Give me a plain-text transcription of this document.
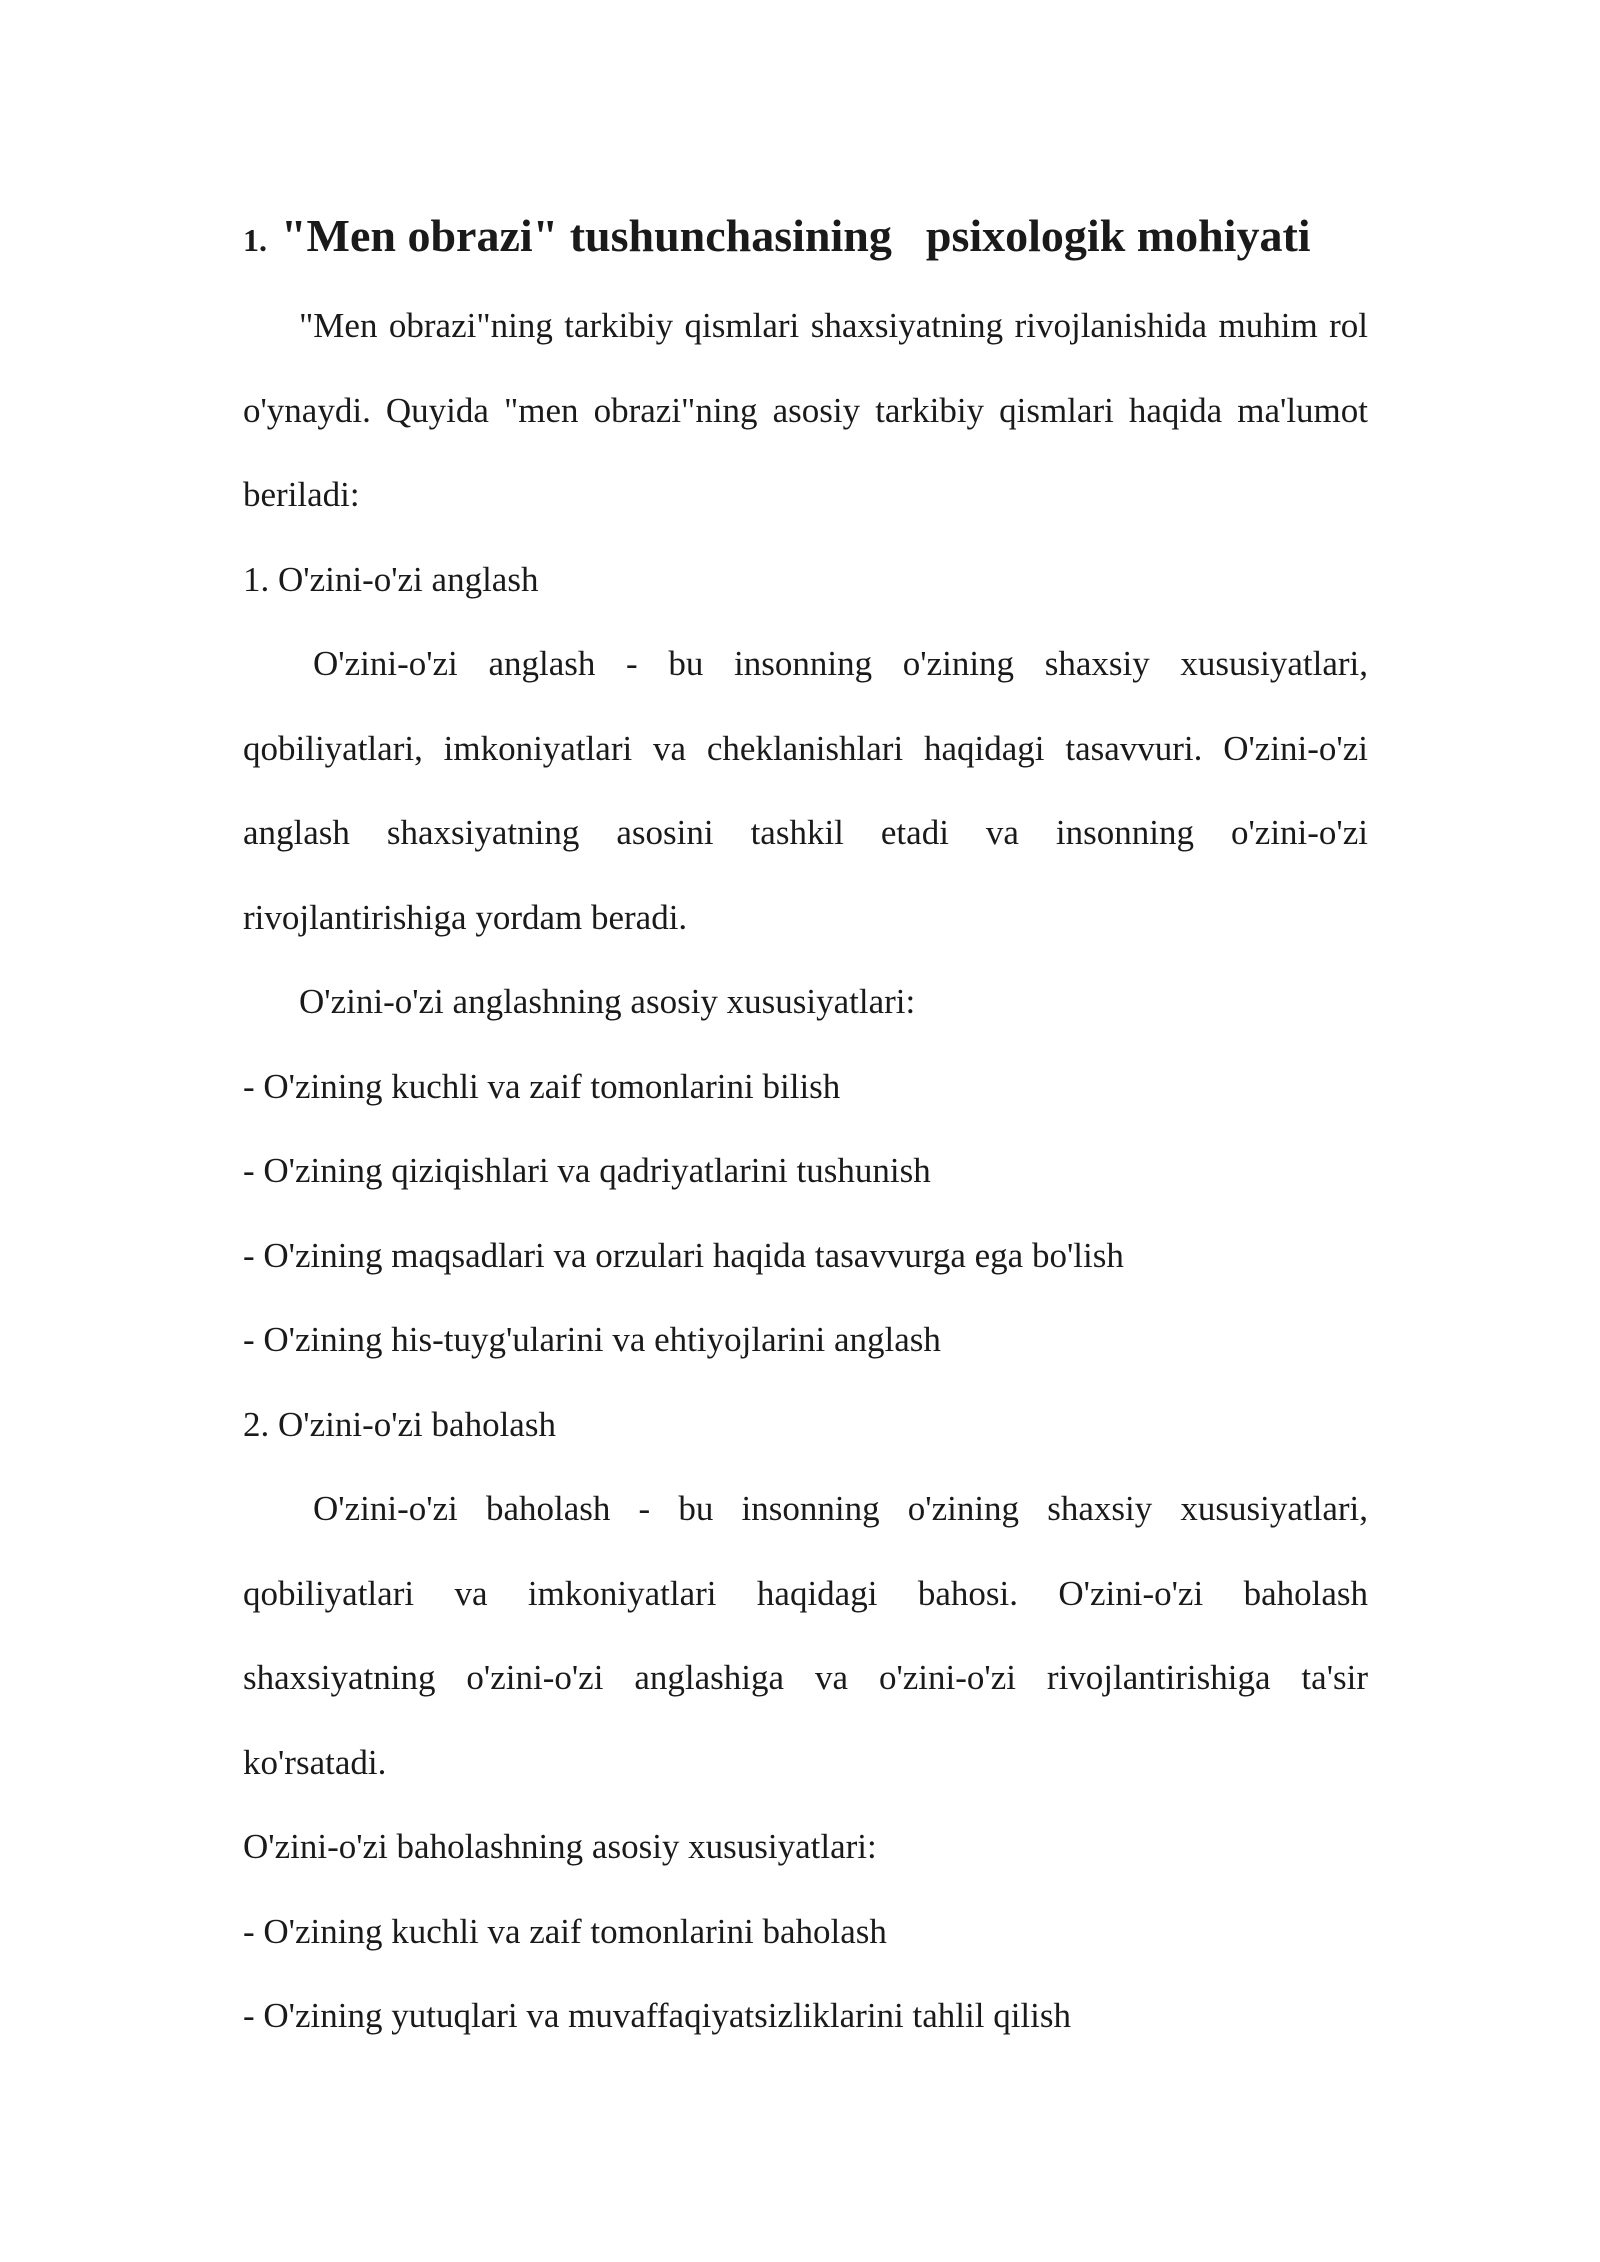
1. "Men obrazi" tushunchasining psixologik mohiyati

"Men obrazi"ning tarkibiy qismlari shaxsiyatning rivojlanishida muhim rol o'ynaydi. Quyida "men obrazi"ning asosiy tarkibiy qismlari haqida ma'lumot beriladi:

1. O'zini-o'zi anglash

O'zini-o'zi anglash - bu insonning o'zining shaxsiy xususiyatlari, qobiliyatlari, imkoniyatlari va cheklanishlari haqidagi tasavvuri. O'zini-o'zi anglash shaxsiyatning asosini tashkil etadi va insonning o'zini-o'zi rivojlantirishiga yordam beradi.

O'zini-o'zi anglashning asosiy xususiyatlari:

- O'zining kuchli va zaif tomonlarini bilish

- O'zining qiziqishlari va qadriyatlarini tushunish

- O'zining maqsadlari va orzulari haqida tasavvurga ega bo'lish

- O'zining his-tuyg'ularini va ehtiyojlarini anglash

2. O'zini-o'zi baholash

O'zini-o'zi baholash - bu insonning o'zining shaxsiy xususiyatlari, qobiliyatlari va imkoniyatlari haqidagi bahosi. O'zini-o'zi baholash shaxsiyatning o'zini-o'zi anglashiga va o'zini-o'zi rivojlantirishiga ta'sir ko'rsatadi.

O'zini-o'zi baholashning asosiy xususiyatlari:

- O'zining kuchli va zaif tomonlarini baholash

- O'zining yutuqlari va muvaffaqiyatsizliklarini tahlil qilish
